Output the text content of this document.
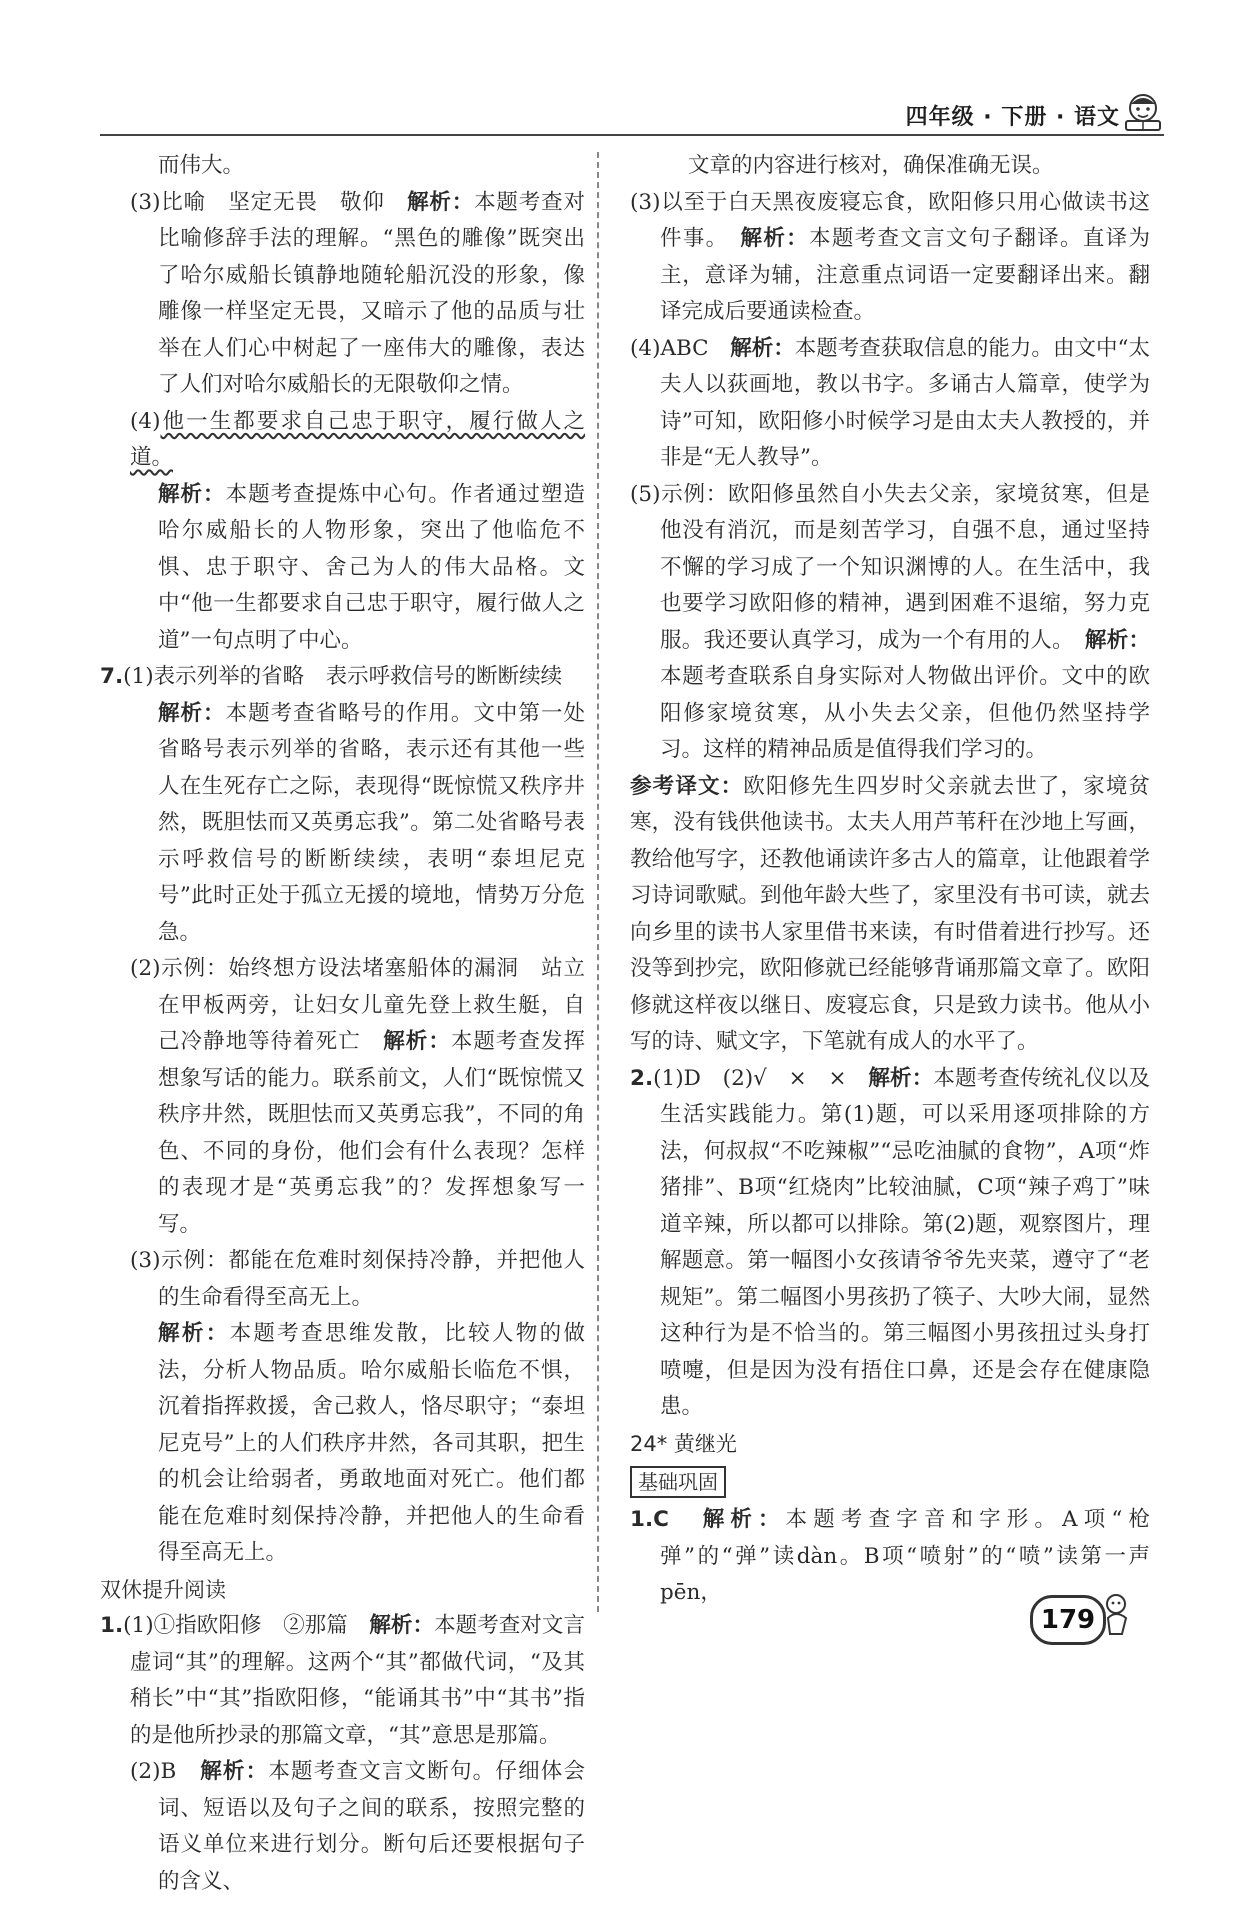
四年级 · 下册 · 语文

而伟大。

(3)比喻　坚定无畏　敬仰　 解析：本题考查对比喻修辞手法的理解。“黑色的雕像”既突出了哈尔威船长镇静地随轮船沉没的形象，像雕像一样坚定无畏，又暗示了他的品质与壮举在人们心中树起了一座伟大的雕像，表达了人们对哈尔威船长的无限敬仰之情。

(4)他一生都要求自己忠于职守，履行做人之道。

解析：本题考查提炼中心句。作者通过塑造哈尔威船长的人物形象，突出了他临危不惧、忠于职守、舍己为人的伟大品格。文中“他一生都要求自己忠于职守，履行做人之道”一句点明了中心。

7.(1)表示列举的省略　表示呼救信号的断断续续

解析：本题考查省略号的作用。文中第一处省略号表示列举的省略，表示还有其他一些人在生死存亡之际，表现得“既惊慌又秩序井然，既胆怯而又英勇忘我”。第二处省略号表示呼救信号的断断续续，表明“泰坦尼克号”此时正处于孤立无援的境地，情势万分危急。

(2)示例：始终想方设法堵塞船体的漏洞　站立在甲板两旁，让妇女儿童先登上救生艇，自己冷静地等待着死亡　 解析：本题考查发挥想象写话的能力。联系前文，人们“既惊慌又秩序井然，既胆怯而又英勇忘我”，不同的角色、不同的身份，他们会有什么表现？怎样的表现才是“英勇忘我”的？发挥想象写一写。

(3)示例：都能在危难时刻保持冷静，并把他人的生命看得至高无上。

解析：本题考查思维发散，比较人物的做法，分析人物品质。哈尔威船长临危不惧，沉着指挥救援，舍己救人，恪尽职守；“泰坦尼克号”上的人们秩序井然，各司其职，把生的机会让给弱者，勇敢地面对死亡。他们都能在危难时刻保持冷静，并把他人的生命看得至高无上。

双休提升阅读

1.(1)①指欧阳修　②那篇　 解析：本题考查对文言虚词“其”的理解。这两个“其”都做代词，“及其稍长”中“其”指欧阳修，“能诵其书”中“其书”指的是他所抄录的那篇文章，“其”意思是那篇。

(2)B　 解析：本题考查文言文断句。仔细体会词、短语以及句子之间的联系，按照完整的语义单位来进行划分。断句后还要根据句子的含义、

文章的内容进行核对，确保准确无误。

(3)以至于白天黑夜废寝忘食，欧阳修只用心做读书这件事。　 解析：本题考查文言文句子翻译。直译为主，意译为辅，注意重点词语一定要翻译出来。翻译完成后要通读检查。

(4)ABC　 解析：本题考查获取信息的能力。由文中“太夫人以荻画地，教以书字。多诵古人篇章，使学为诗”可知，欧阳修小时候学习是由太夫人教授的，并非是“无人教导”。

(5)示例：欧阳修虽然自小失去父亲，家境贫寒，但是他没有消沉，而是刻苦学习，自强不息，通过坚持不懈的学习成了一个知识渊博的人。在生活中，我也要学习欧阳修的精神，遇到困难不退缩，努力克服。我还要认真学习，成为一个有用的人。　 解析：本题考查联系自身实际对人物做出评价。文中的欧阳修家境贫寒，从小失去父亲，但他仍然坚持学习。这样的精神品质是值得我们学习的。

参考译文：欧阳修先生四岁时父亲就去世了，家境贫寒，没有钱供他读书。太夫人用芦苇秆在沙地上写画，教给他写字，还教他诵读许多古人的篇章，让他跟着学习诗词歌赋。到他年龄大些了，家里没有书可读，就去向乡里的读书人家里借书来读，有时借着进行抄写。还没等到抄完，欧阳修就已经能够背诵那篇文章了。欧阳修就这样夜以继日、废寝忘食，只是致力读书。他从小写的诗、赋文字，下笔就有成人的水平了。

2.(1)D　(2)√　×　×　 解析：本题考查传统礼仪以及生活实践能力。第(1)题，可以采用逐项排除的方法，何叔叔“不吃辣椒”“忌吃油腻的食物”，A项“炸猪排”、B项“红烧肉”比较油腻，C项“辣子鸡丁”味道辛辣，所以都可以排除。第(2)题，观察图片，理解题意。第一幅图小女孩请爷爷先夹菜，遵守了“老规矩”。第二幅图小男孩扔了筷子、大吵大闹，显然这种行为是不恰当的。第三幅图小男孩扭过头身打喷嚏，但是因为没有捂住口鼻，还是会存在健康隐患。

24* 黄继光

基础巩固

1.C　 解析：本题考查字音和字形。A项“枪弹”的“弹”读dàn。B项“喷射”的“喷”读第一声pēn，

179
